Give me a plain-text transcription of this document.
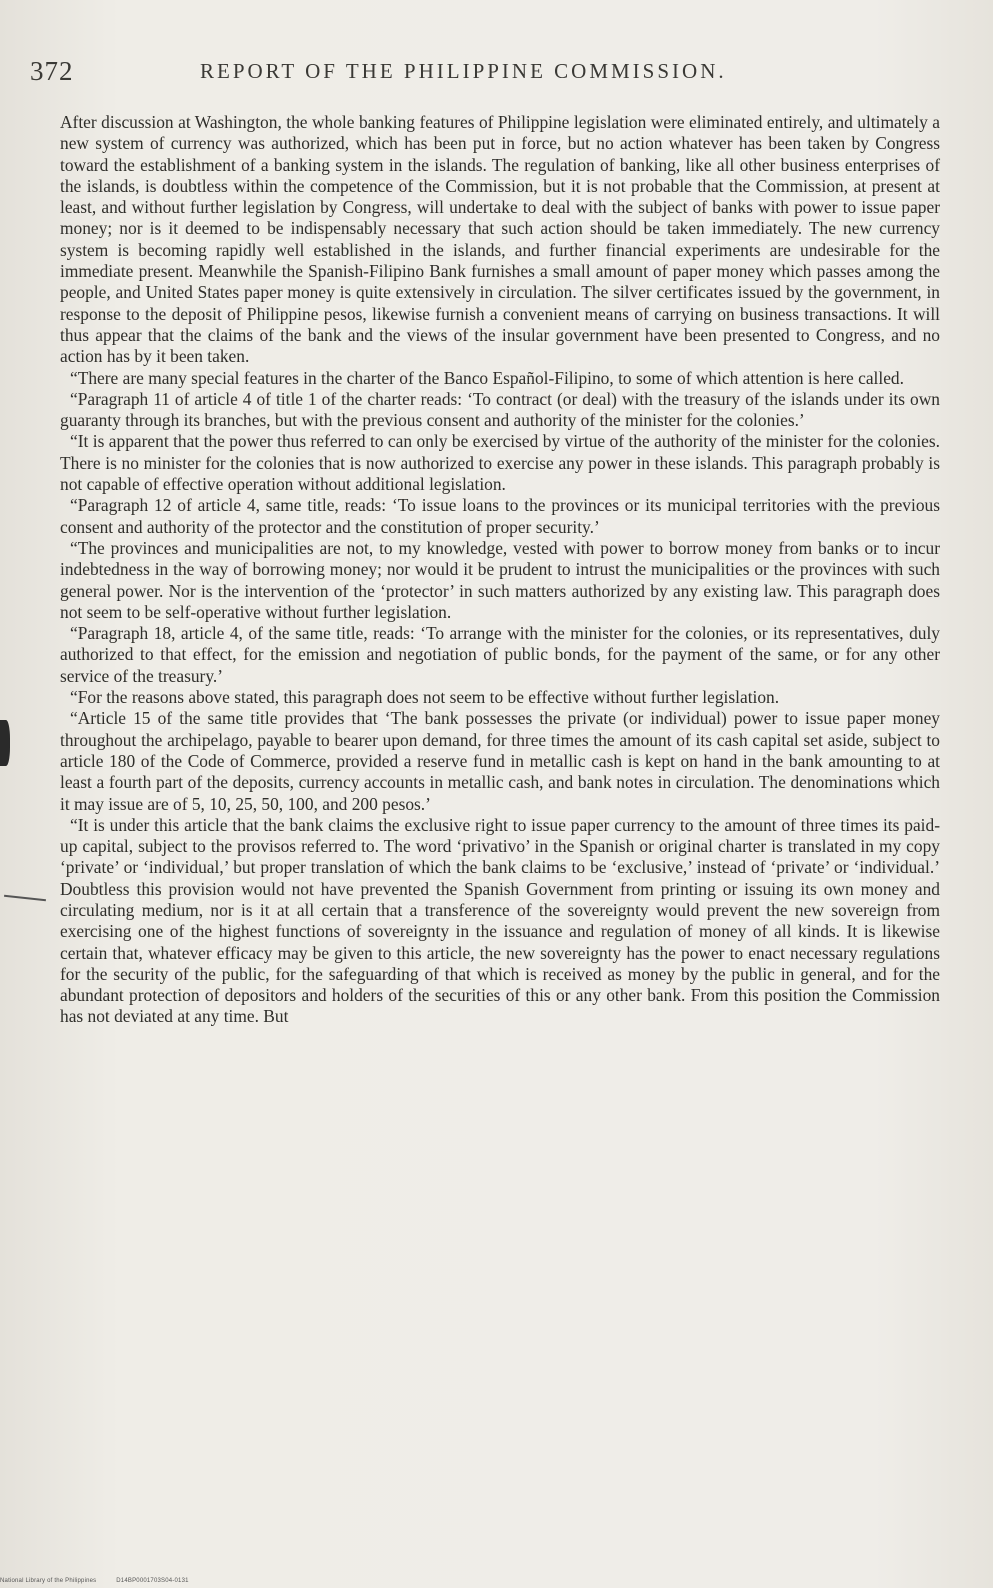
372	REPORT OF THE PHILIPPINE COMMISSION.

After discussion at Washington, the whole banking features of Philippine legislation were eliminated entirely, and ultimately a new system of currency was authorized, which has been put in force, but no action whatever has been taken by Congress toward the establishment of a banking system in the islands. The regulation of banking, like all other business enterprises of the islands, is doubtless within the competence of the Commission, but it is not probable that the Commission, at present at least, and without further legislation by Congress, will undertake to deal with the subject of banks with power to issue paper money; nor is it deemed to be indispensably necessary that such action should be taken immediately. The new currency system is becoming rapidly well established in the islands, and further financial experiments are undesirable for the immediate present. Meanwhile the Spanish-Filipino Bank furnishes a small amount of paper money which passes among the people, and United States paper money is quite extensively in circulation. The silver certificates issued by the government, in response to the deposit of Philippine pesos, likewise furnish a convenient means of carrying on business transactions. It will thus appear that the claims of the bank and the views of the insular government have been presented to Congress, and no action has by it been taken.

“There are many special features in the charter of the Banco Español-Filipino, to some of which attention is here called.

“Paragraph 11 of article 4 of title 1 of the charter reads: ‘To contract (or deal) with the treasury of the islands under its own guaranty through its branches, but with the previous consent and authority of the minister for the colonies.’

“It is apparent that the power thus referred to can only be exercised by virtue of the authority of the minister for the colonies. There is no minister for the colonies that is now authorized to exercise any power in these islands. This paragraph probably is not capable of effective operation without additional legislation.

“Paragraph 12 of article 4, same title, reads: ‘To issue loans to the provinces or its municipal territories with the previous consent and authority of the protector and the constitution of proper security.’

“The provinces and municipalities are not, to my knowledge, vested with power to borrow money from banks or to incur indebtedness in the way of borrowing money; nor would it be prudent to intrust the municipalities or the provinces with such general power. Nor is the intervention of the ‘protector’ in such matters authorized by any existing law. This paragraph does not seem to be self-operative without further legislation.

“Paragraph 18, article 4, of the same title, reads: ‘To arrange with the minister for the colonies, or its representatives, duly authorized to that effect, for the emission and negotiation of public bonds, for the payment of the same, or for any other service of the treasury.’

“For the reasons above stated, this paragraph does not seem to be effective without further legislation.

“Article 15 of the same title provides that ‘The bank possesses the private (or individual) power to issue paper money throughout the archipelago, payable to bearer upon demand, for three times the amount of its cash capital set aside, subject to article 180 of the Code of Commerce, provided a reserve fund in metallic cash is kept on hand in the bank amounting to at least a fourth part of the deposits, currency accounts in metallic cash, and bank notes in circulation. The denominations which it may issue are of 5, 10, 25, 50, 100, and 200 pesos.’

“It is under this article that the bank claims the exclusive right to issue paper currency to the amount of three times its paid-up capital, subject to the provisos referred to. The word ‘privativo’ in the Spanish or original charter is translated in my copy ‘private’ or ‘individual,’ but proper translation of which the bank claims to be ‘exclusive,’ instead of ‘private’ or ‘individual.’ Doubtless this provision would not have prevented the Spanish Government from printing or issuing its own money and circulating medium, nor is it at all certain that a transference of the sovereignty would prevent the new sovereign from exercising one of the highest functions of sovereignty in the issuance and regulation of money of all kinds. It is likewise certain that, whatever efficacy may be given to this article, the new sovereignty has the power to enact necessary regulations for the security of the public, for the safeguarding of that which is received as money by the public in general, and for the abundant protection of depositors and holders of the securities of this or any other bank. From this position the Commission has not deviated at any time. But

National Library of the Philippines	D14BP0001703S04-0131
